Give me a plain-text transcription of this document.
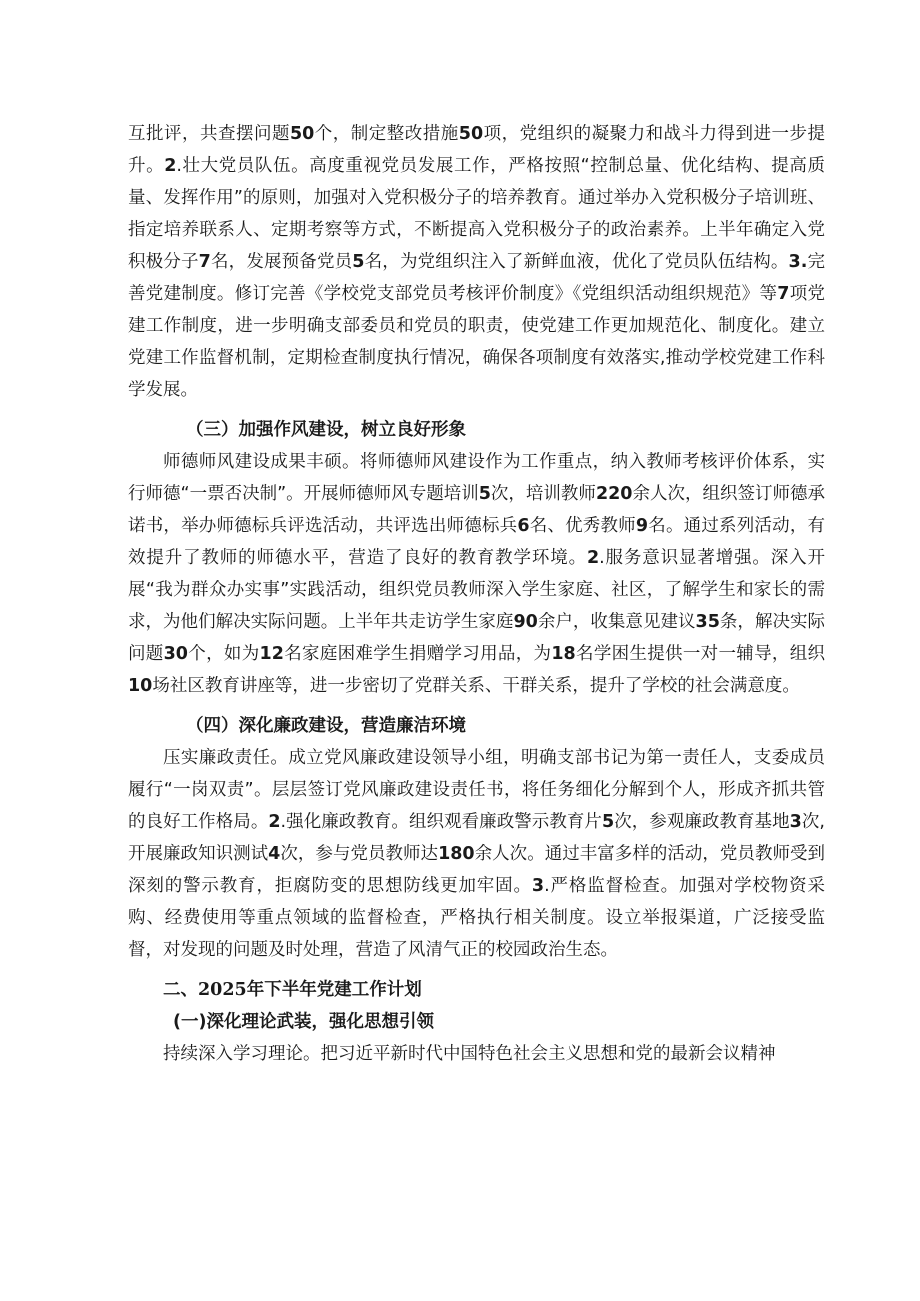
互批评，共查摆问题50个，制定整改措施50项，党组织的凝聚力和战斗力得到进一步提升。2.壮大党员队伍。高度重视党员发展工作，严格按照“控制总量、优化结构、提高质量、发挥作用”的原则，加强对入党积极分子的培养教育。通过举办入党积极分子培训班、指定培养联系人、定期考察等方式，不断提高入党积极分子的政治素养。上半年确定入党积极分子7名，发展预备党员5名，为党组织注入了新鲜血液，优化了党员队伍结构。3.完善党建制度。修订完善《学校党支部党员考核评价制度》《党组织活动组织规范》等7项党建工作制度，进一步明确支部委员和党员的职责，使党建工作更加规范化、制度化。建立党建工作监督机制，定期检查制度执行情况，确保各项制度有效落实,推动学校党建工作科学发展。

（三）加强作风建设，树立良好形象

师德师风建设成果丰硕。将师德师风建设作为工作重点，纳入教师考核评价体系，实行师德“一票否决制”。开展师德师风专题培训5次，培训教师220余人次，组织签订师德承诺书，举办师德标兵评选活动，共评选出师德标兵6名、优秀教师9名。通过系列活动，有效提升了教师的师德水平，营造了良好的教育教学环境。2.服务意识显著增强。深入开展“我为群众办实事”实践活动，组织党员教师深入学生家庭、社区，了解学生和家长的需求，为他们解决实际问题。上半年共走访学生家庭90余户，收集意见建议35条，解决实际问题30个，如为12名家庭困难学生捐赠学习用品，为18名学困生提供一对一辅导，组织10场社区教育讲座等，进一步密切了党群关系、干群关系，提升了学校的社会满意度。

（四）深化廉政建设，营造廉洁环境

压实廉政责任。成立党风廉政建设领导小组，明确支部书记为第一责任人，支委成员履行“一岗双责”。层层签订党风廉政建设责任书，将任务细化分解到个人，形成齐抓共管的良好工作格局。2.强化廉政教育。组织观看廉政警示教育片5次，参观廉政教育基地3次,开展廉政知识测试4次，参与党员教师达180余人次。通过丰富多样的活动，党员教师受到深刻的警示教育，拒腐防变的思想防线更加牢固。3.严格监督检查。加强对学校物资采购、经费使用等重点领域的监督检查，严格执行相关制度。设立举报渠道，广泛接受监督，对发现的问题及时处理，营造了风清气正的校园政治生态。

二、2025年下半年党建工作计划

(一)深化理论武装，强化思想引领

持续深入学习理论。把习近平新时代中国特色社会主义思想和党的最新会议精神
